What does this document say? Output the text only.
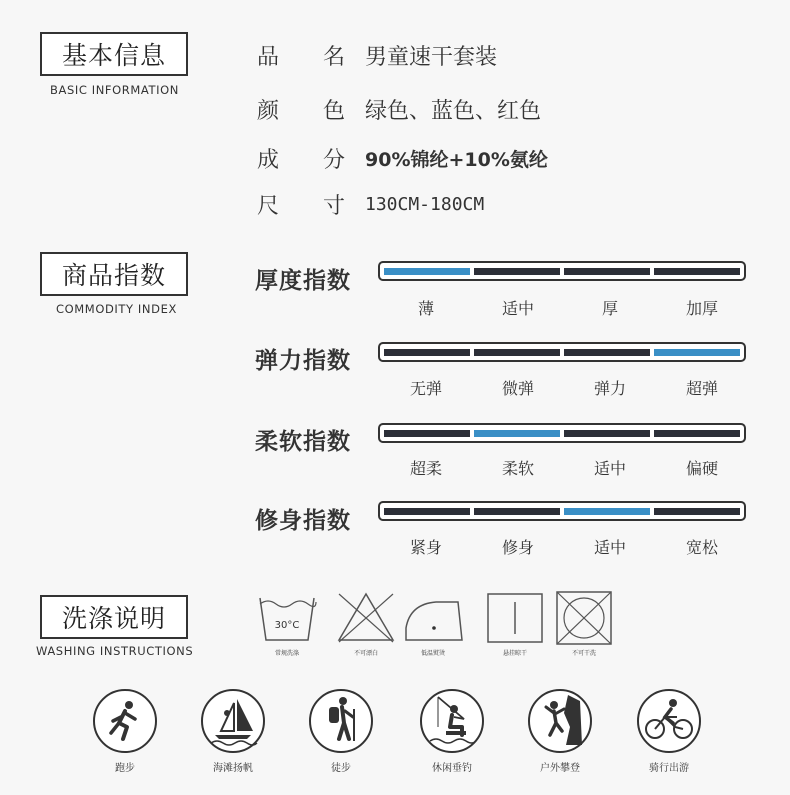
基本信息
BASIC INFORMATION
品 名 男童速干套装
颜 色 绿色、蓝色、红色
成 分 90%锦纶+10%氨纶
尺 寸 130CM-180CM
商品指数
COMMODITY INDEX
厚度指数
薄	适中	厚	加厚
弹力指数
无弹	微弹	弹力	超弹
柔软指数
超柔	柔软	适中	偏硬
修身指数
紧身	修身	适中	宽松
洗涤说明
WASHING INSTRUCTIONS
30°C
常规洗涤	不可漂白	低温熨烫	悬挂晾干	不可干洗
跑步	海滩扬帆	徒步	休闲垂钓	户外攀登	骑行出游
